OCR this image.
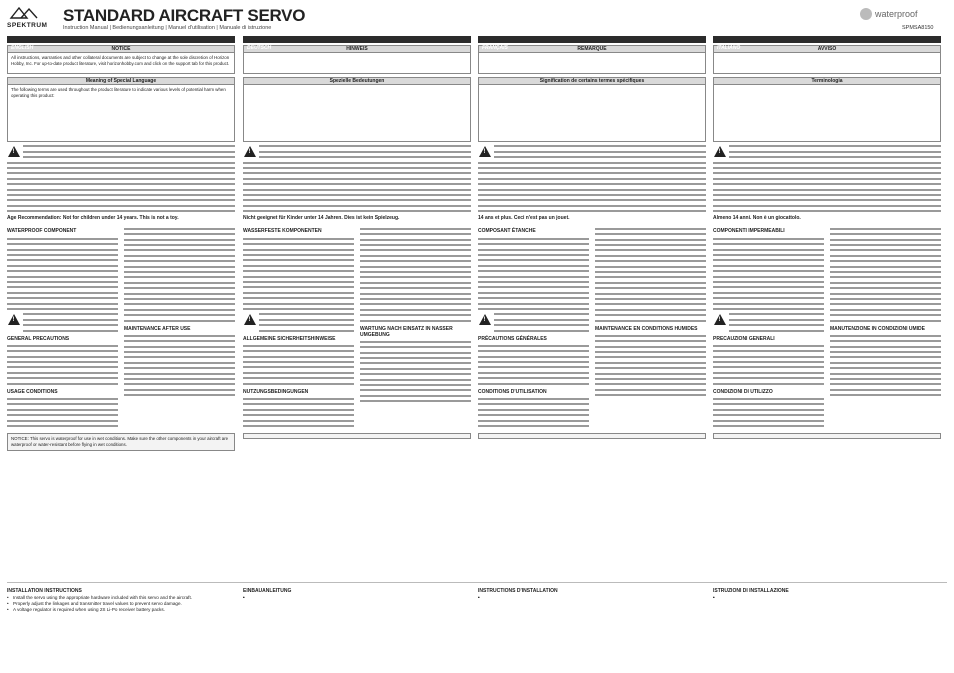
SPEKTRUM
STANDARD AIRCRAFT SERVO
Instruction Manual | Bedienungsanleitung | Manuel d'utilisation | Manuale di istruzione
waterproof
SPMSA8150
ENGLISH	NOTICE
All instructions, warranties and other collateral documents are subject to change at the sole discretion of Horizon Hobby, Inc. For up-to-date product literature, visit horizonhobby.com and click on the support tab for this product.
Meaning of Special Language
The following terms are used throughout the product literature to indicate various levels of potential harm when operating this product:
!
Age Recommendation: Not for children under 14 years. This is not a toy.
WATERPROOF COMPONENT
!
GENERAL PRECAUTIONS
USAGE CONDITIONS
MAINTENANCE AFTER USE
NOTICE: This servo is waterproof for use in wet conditions. Make sure the other components in your aircraft are waterproof or water-resistant before flying in wet conditions.
DEUTSCH	HINWEIS
Spezielle Bedeutungen
!
Nicht geeignet für Kinder unter 14 Jahren. Dies ist kein Spielzeug.
WASSERFESTE KOMPONENTEN
!
ALLGEMEINE SICHERHEITSHINWEISE
NUTZUNGSBEDINGUNGEN
WARTUNG NACH EINSATZ IN NASSER UMGEBUNG
FRANÇAIS	REMARQUE
Signification de certains termes spécifiques
!
14 ans et plus. Ceci n'est pas un jouet.
COMPOSANT ÉTANCHE
!
PRÉCAUTIONS GÉNÉRALES
CONDITIONS D'UTILISATION
MAINTENANCE EN CONDITIONS HUMIDES
ITALIANO	AVVISO
Terminologia
!
Almeno 14 anni. Non è un giocattolo.
COMPONENTI IMPERMEABILI
!
PRECAUZIONI GENERALI
CONDIZIONI DI UTILIZZO
MANUTENZIONE IN CONDIZIONI UMIDE
INSTALLATION INSTRUCTIONS
• Install the servo using the appropriate hardware included with this servo and the aircraft.
• Properly adjust the linkages and transmitter travel values to prevent servo damage.
• A voltage regulator is required when using 2S Li-Po receiver battery packs.
EINBAUANLEITUNG	INSTRUCTIONS D'INSTALLATION	ISTRUZIONI DI INSTALLAZIONE
